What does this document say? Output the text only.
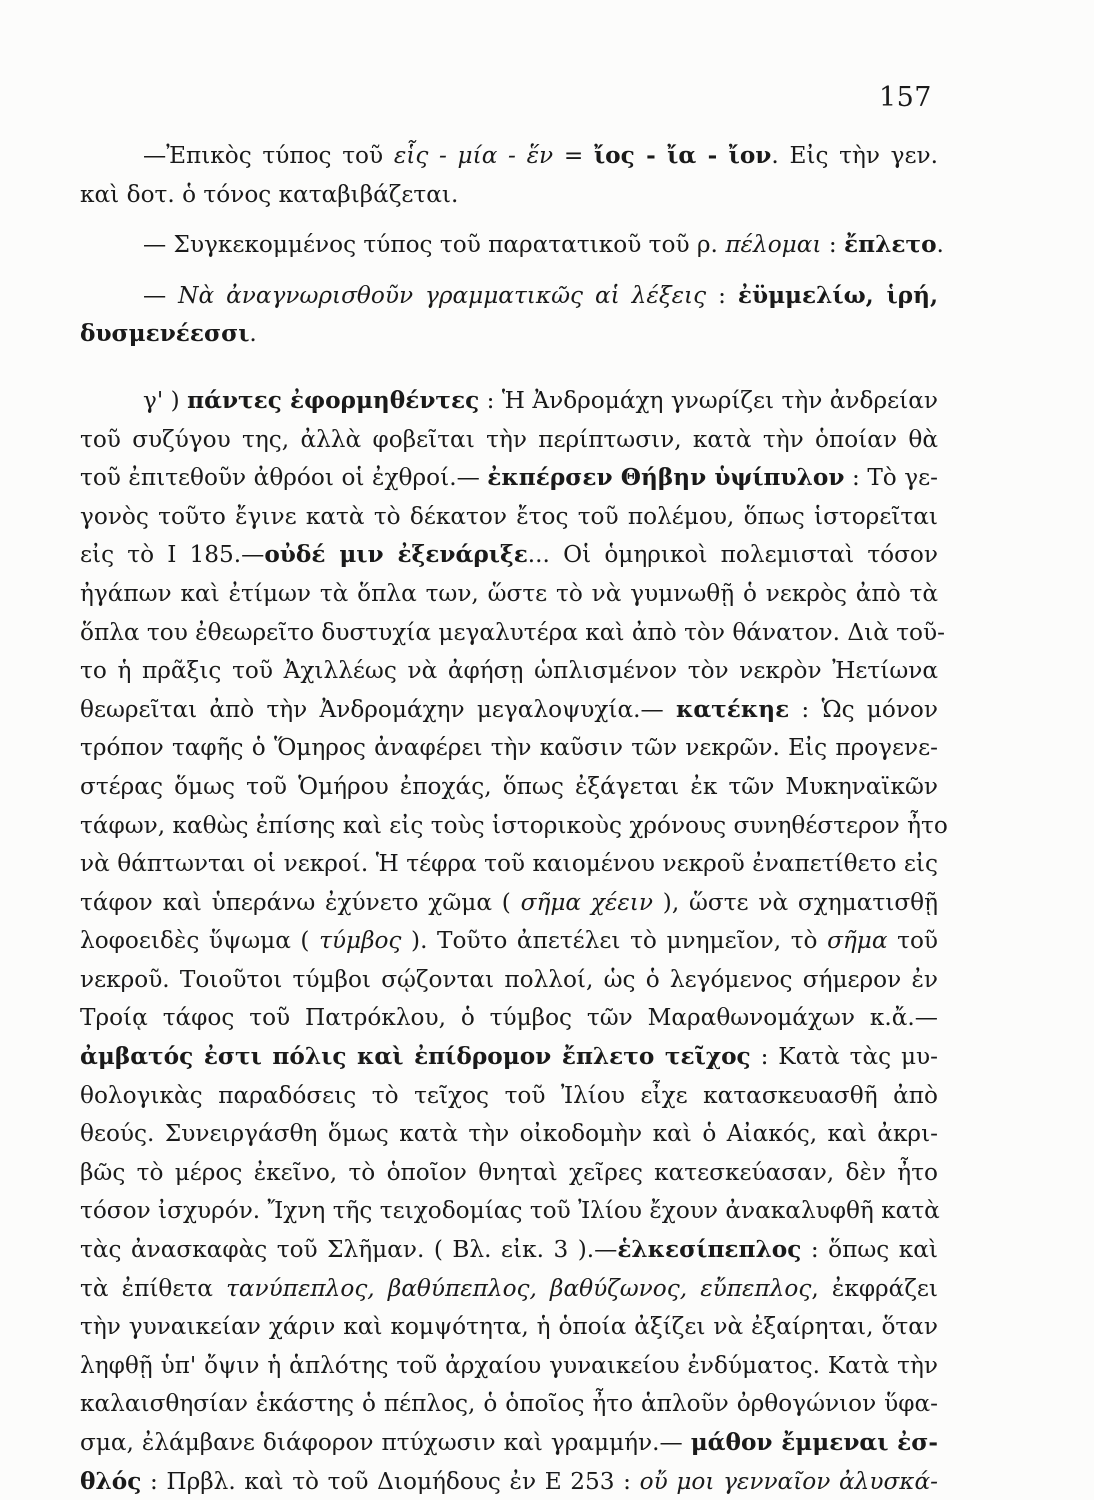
157
—Ἐπικὸς τύπος τοῦ εἷς - μία - ἕν = ἴος - ἴα - ἴον. Εἰς τὴν γεν.
καὶ δοτ. ὁ τόνος καταβιβάζεται.
— Συγκεκομμένος τύπος τοῦ παρατατικοῦ τοῦ ρ. πέλομαι : ἔπλετο.
— Νὰ ἀναγνωρισθοῦν γραμματικῶς αἱ λέξεις : ἐϋμμελίω, ἱρή,
δυσμενέεσσι.
γ' ) πάντες ἐφορμηθέντες : Ἡ Ἀνδρομάχη γνωρίζει τὴν ἀνδρείαν
τοῦ συζύγου της, ἀλλὰ φοβεῖται τὴν περίπτωσιν, κατὰ τὴν ὁποίαν θὰ
τοῦ ἐπιτεθοῦν ἀθρόοι οἱ ἐχθροί.— ἐκπέρσεν Θήβην ὑψίπυλον : Τὸ γε-
γονὸς τοῦτο ἔγινε κατὰ τὸ δέκατον ἔτος τοῦ πολέμου, ὅπως ἱστορεῖται
εἰς τὸ Ι 185.—οὐδέ μιν ἐξενάριξε... Οἱ ὁμηρικοὶ πολεμισταὶ τόσον
ἠγάπων καὶ ἐτίμων τὰ ὅπλα των, ὥστε τὸ νὰ γυμνωθῇ ὁ νεκρὸς ἀπὸ τὰ
ὅπλα του ἐθεωρεῖτο δυστυχία μεγαλυτέρα καὶ ἀπὸ τὸν θάνατον. Διὰ τοῦ-
το ἡ πρᾶξις τοῦ Ἀχιλλέως νὰ ἀφήσῃ ὡπλισμένον τὸν νεκρὸν Ἠετίωνα
θεωρεῖται ἀπὸ τὴν Ἀνδρομάχην μεγαλοψυχία.— κατέκηε : Ὡς μόνον
τρόπον ταφῆς ὁ Ὅμηρος ἀναφέρει τὴν καῦσιν τῶν νεκρῶν. Εἰς προγενε-
στέρας ὅμως τοῦ Ὁμήρου ἐποχάς, ὅπως ἐξάγεται ἐκ τῶν Μυκηναϊκῶν
τάφων, καθὼς ἐπίσης καὶ εἰς τοὺς ἱστορικοὺς χρόνους συνηθέστερον ἦτο
νὰ θάπτωνται οἱ νεκροί. Ἡ τέφρα τοῦ καιομένου νεκροῦ ἐναπετίθετο εἰς
τάφον καὶ ὑπεράνω ἐχύνετο χῶμα ( σῆμα χέειν ), ὥστε νὰ σχηματισθῇ
λοφοειδὲς ὕψωμα ( τύμβος ). Τοῦτο ἀπετέλει τὸ μνημεῖον, τὸ σῆμα τοῦ
νεκροῦ. Τοιοῦτοι τύμβοι σῴζονται πολλοί, ὡς ὁ λεγόμενος σήμερον ἐν
Τροίᾳ τάφος τοῦ Πατρόκλου, ὁ τύμβος τῶν Μαραθωνομάχων κ.ἄ.—
ἀμβατός ἐστι πόλις καὶ ἐπίδρομον ἔπλετο τεῖχος : Κατὰ τὰς μυ-
θολογικὰς παραδόσεις τὸ τεῖχος τοῦ Ἰλίου εἶχε κατασκευασθῆ ἀπὸ
θεούς. Συνειργάσθη ὅμως κατὰ τὴν οἰκοδομὴν καὶ ὁ Αἰακός, καὶ ἀκρι-
βῶς τὸ μέρος ἐκεῖνο, τὸ ὁποῖον θνηταὶ χεῖρες κατεσκεύασαν, δὲν ἦτο
τόσον ἰσχυρόν. Ἴχνη τῆς τειχοδομίας τοῦ Ἰλίου ἔχουν ἀνακαλυφθῆ κατὰ
τὰς ἀνασκαφὰς τοῦ Σλῆμαν. ( Βλ. εἰκ. 3 ).—ἑλκεσίπεπλος : ὅπως καὶ
τὰ ἐπίθετα τανύπεπλος, βαθύπεπλος, βαθύζωνος, εὔπεπλος, ἐκφράζει
τὴν γυναικείαν χάριν καὶ κομψότητα, ἡ ὁποία ἀξίζει νὰ ἐξαίρηται, ὅταν
ληφθῇ ὑπ' ὄψιν ἡ ἁπλότης τοῦ ἀρχαίου γυναικείου ἐνδύματος. Κατὰ τὴν
καλαισθησίαν ἑκάστης ὁ πέπλος, ὁ ὁποῖος ἦτο ἁπλοῦν ὀρθογώνιον ὕφα-
σμα, ἐλάμβανε διάφορον πτύχωσιν καὶ γραμμήν.— μάθον ἔμμεναι ἐσ-
θλός : Πρβλ. καὶ τὸ τοῦ Διομήδους ἐν Ε 253 : οὔ μοι γενναῖον ἀλυσκά-
